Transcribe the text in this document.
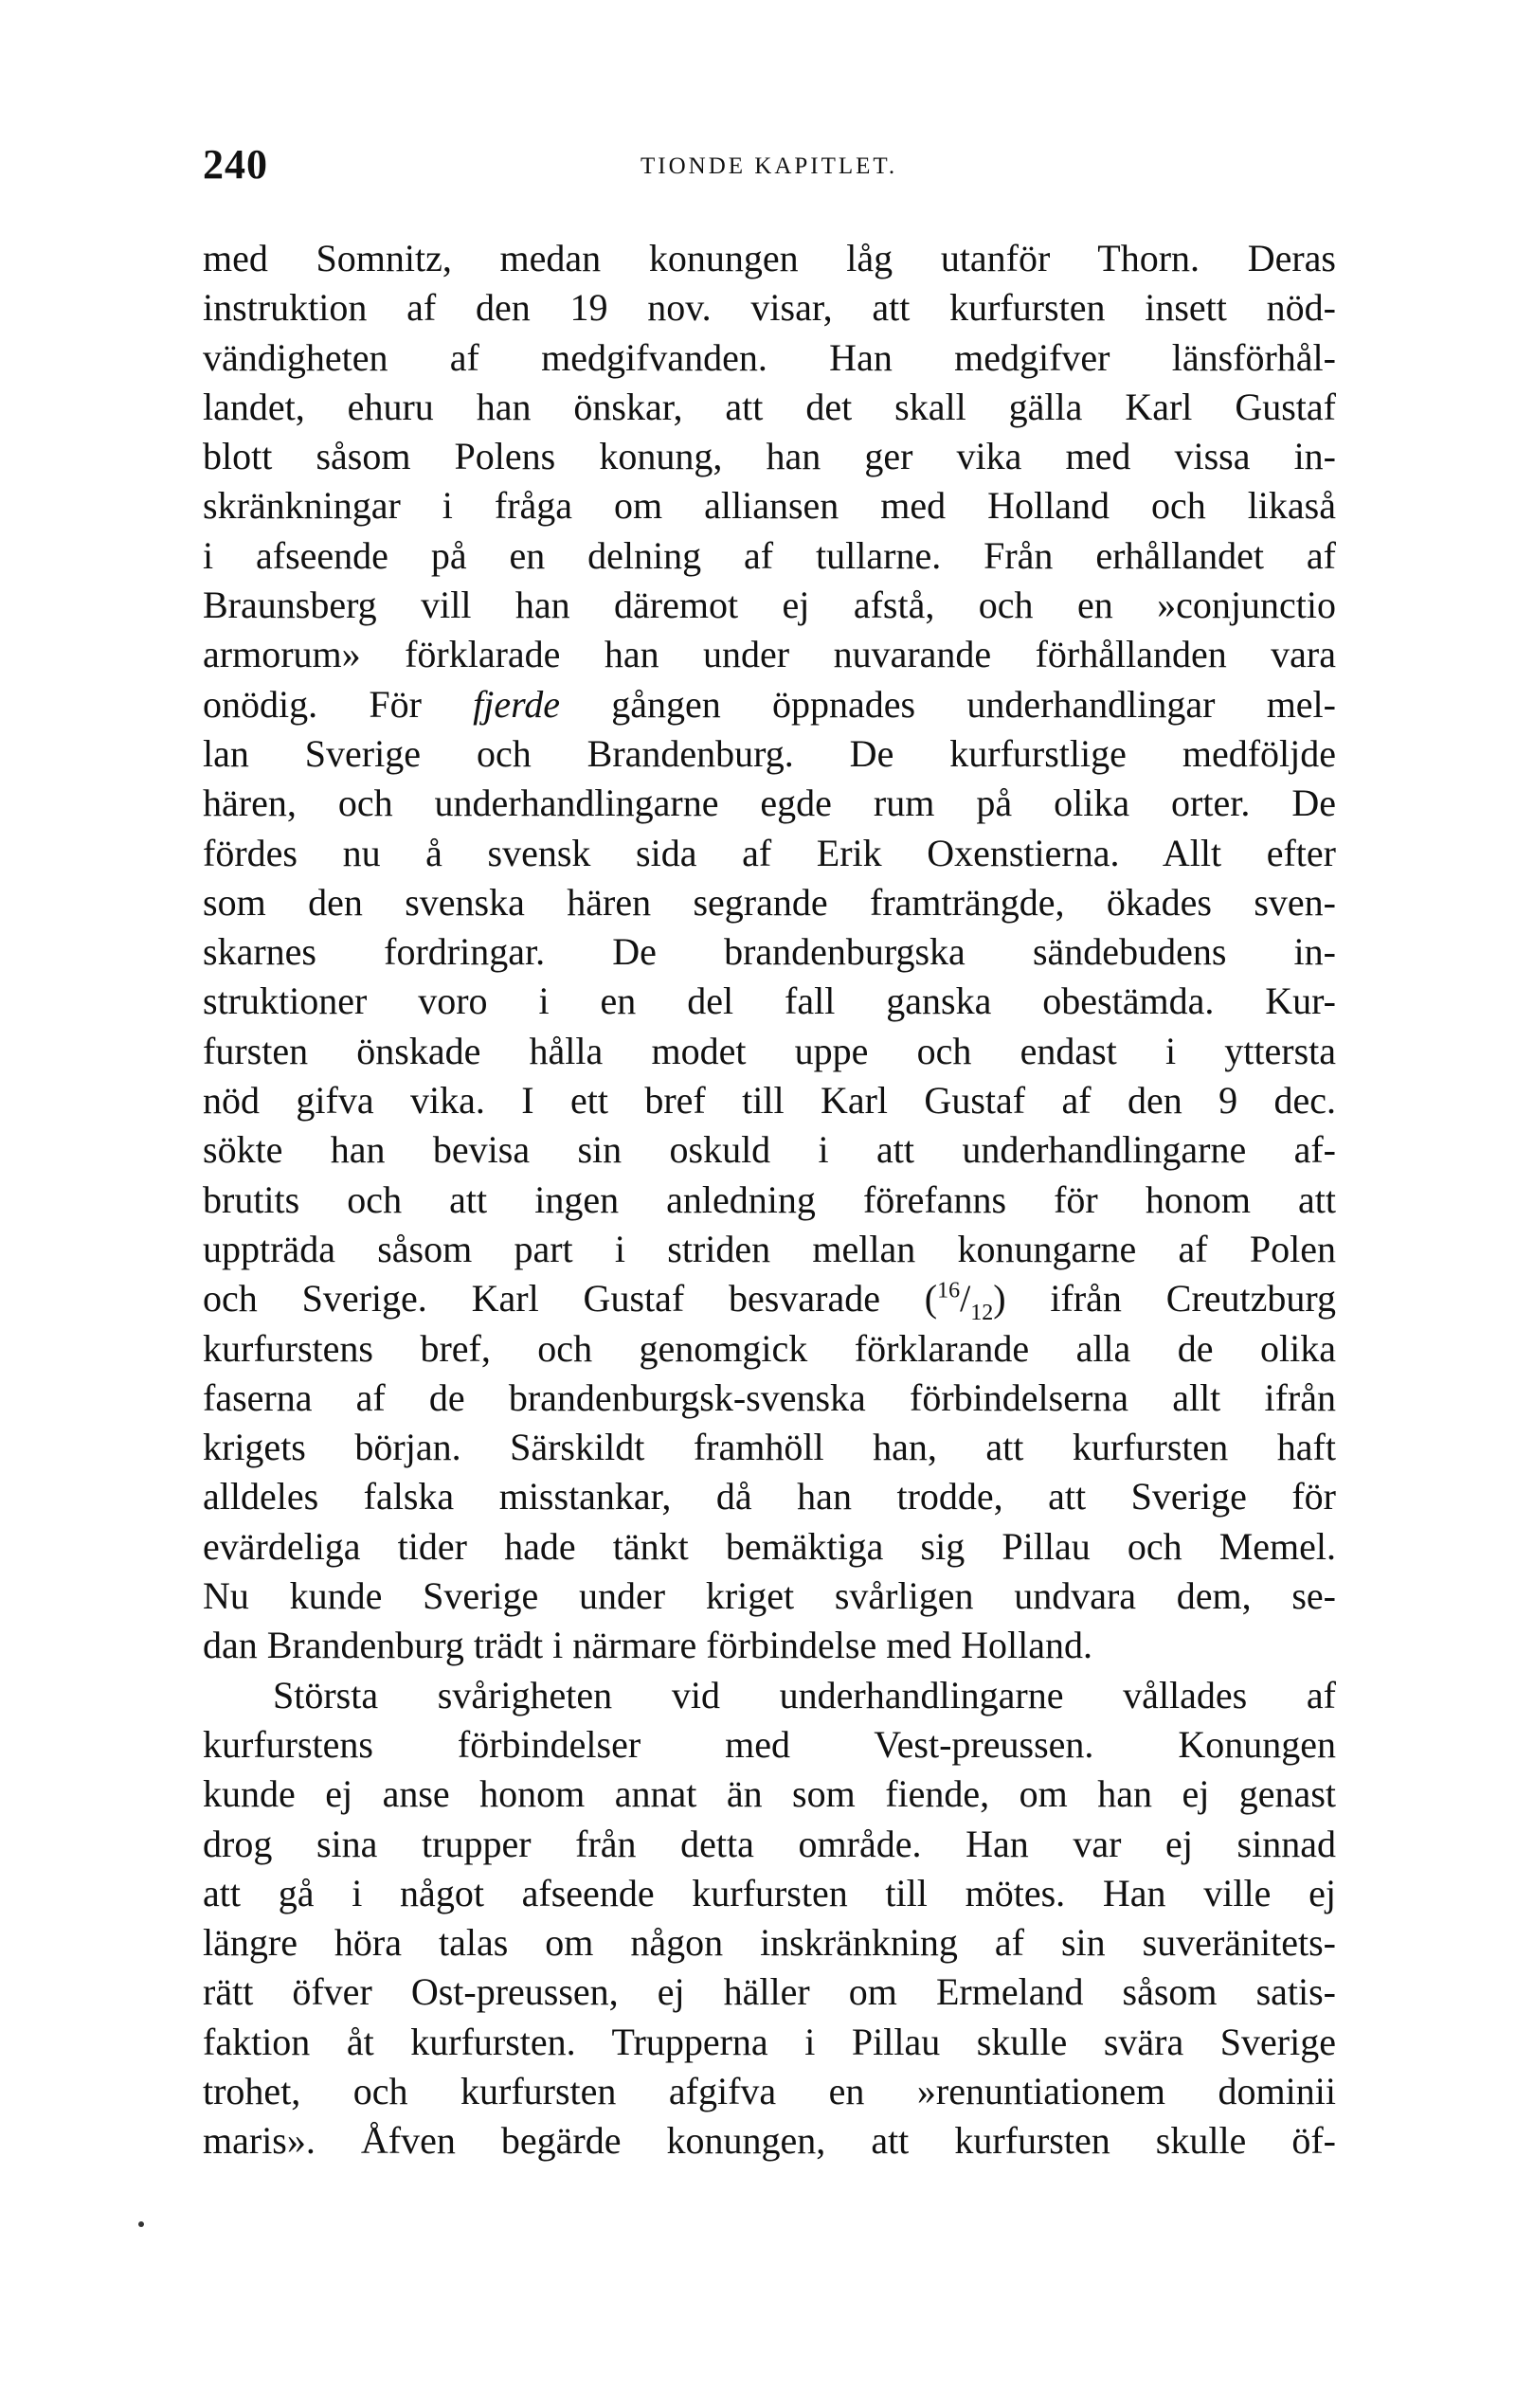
240	TIONDE KAPITLET.
med Somnitz, medan konungen låg utanför Thorn. Deras
instruktion af den 19 nov. visar, att kurfursten insett nöd-
vändigheten af medgifvanden. Han medgifver länsförhål-
landet, ehuru han önskar, att det skall gälla Karl Gustaf
blott såsom Polens konung, han ger vika med vissa in-
skränkningar i fråga om alliansen med Holland och likaså
i afseende på en delning af tullarne. Från erhållandet af
Braunsberg vill han däremot ej afstå, och en »conjunctio
armorum» förklarade han under nuvarande förhållanden vara
onödig. För fjerde gången öppnades underhandlingar mel-
lan Sverige och Brandenburg. De kurfurstlige medföljde
hären, och underhandlingarne egde rum på olika orter. De
fördes nu å svensk sida af Erik Oxenstierna. Allt efter
som den svenska hären segrande framträngde, ökades sven-
skarnes fordringar. De brandenburgska sändebudens in-
struktioner voro i en del fall ganska obestämda. Kur-
fursten önskade hålla modet uppe och endast i yttersta
nöd gifva vika. I ett bref till Karl Gustaf af den 9 dec.
sökte han bevisa sin oskuld i att underhandlingarne af-
brutits och att ingen anledning förefanns för honom att
uppträda såsom part i striden mellan konungarne af Polen
och Sverige. Karl Gustaf besvarade $(^{16}/_{12})$ ifrån Creutzburg
kurfurstens bref, och genomgick förklarande alla de olika
faserna af de brandenburgsk-svenska förbindelserna allt ifrån
krigets början. Särskildt framhöll han, att kurfursten haft
alldeles falska misstankar, då han trodde, att Sverige för
evärdeliga tider hade tänkt bemäktiga sig Pillau och Memel.
Nu kunde Sverige under kriget svårligen undvara dem, se-
dan Brandenburg trädt i närmare förbindelse med Holland.
Största svårigheten vid underhandlingarne vållades af
kurfurstens förbindelser med Vest-preussen. Konungen
kunde ej anse honom annat än som fiende, om han ej genast
drog sina trupper från detta område. Han var ej sinnad
att gå i något afseende kurfursten till mötes. Han ville ej
längre höra talas om någon inskränkning af sin suveränitets-
rätt öfver Ost-preussen, ej häller om Ermeland såsom satis-
faktion åt kurfursten. Trupperna i Pillau skulle svära Sverige
trohet, och kurfursten afgifva en »renuntiationem dominii
maris». Åfven begärde konungen, att kurfursten skulle öf-
